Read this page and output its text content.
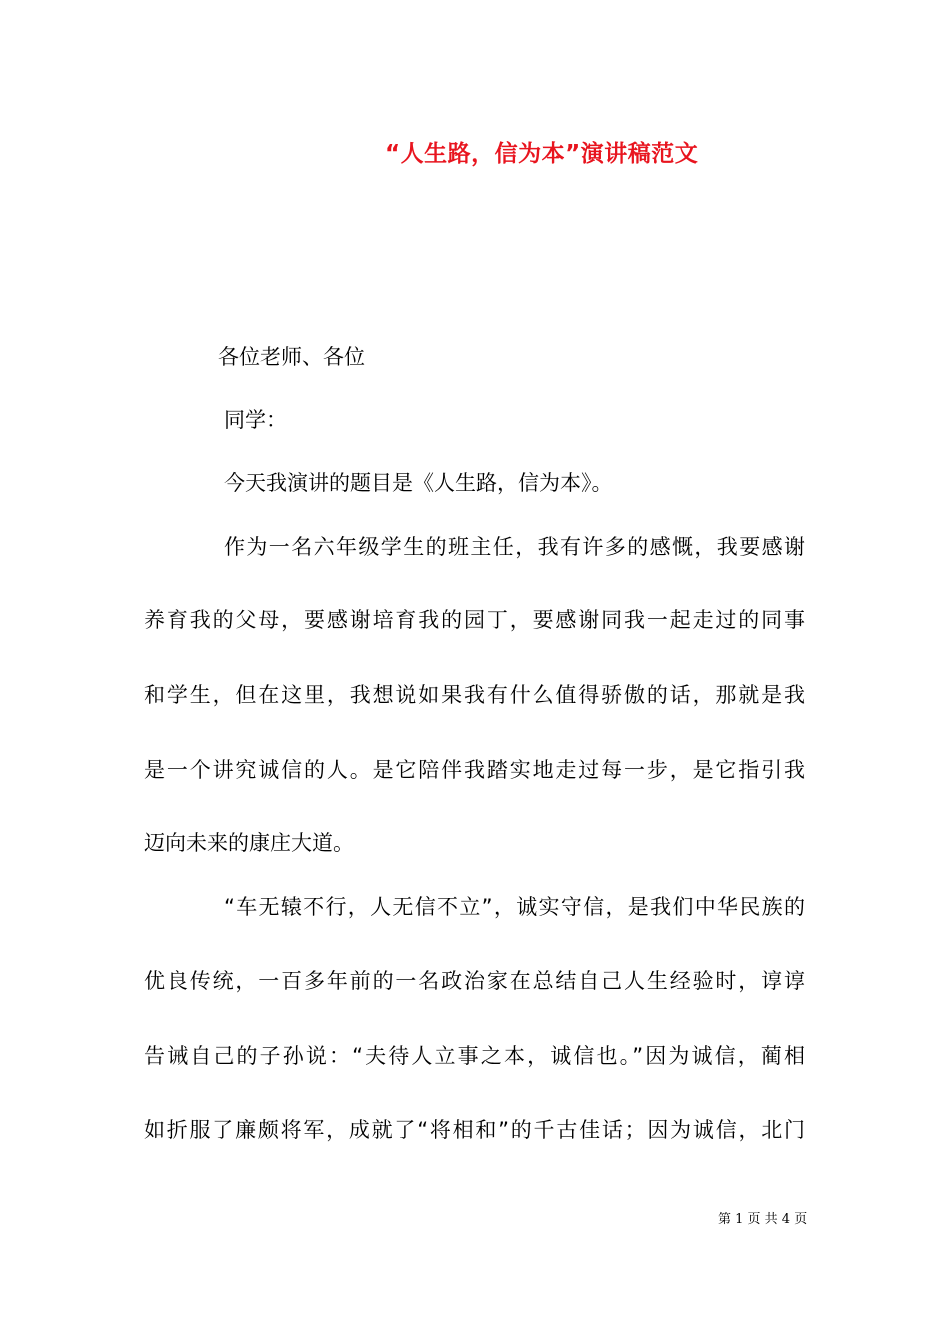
“人生路，信为本”演讲稿范文
各位老师、各位
同学：
今天我演讲的题目是《人生路，信为本》。
作为一名六年级学生的班主任，我有许多的感慨，我要感谢
养育我的父母，要感谢培育我的园丁，要感谢同我一起走过的同事
和学生，但在这里，我想说如果我有什么值得骄傲的话，那就是我
是一个讲究诚信的人。是它陪伴我踏实地走过每一步，是它指引我
迈向未来的康庄大道。
“车无辕不行，人无信不立”，诚实守信，是我们中华民族的
优良传统，一百多年前的一名政治家在总结自己人生经验时，谆谆
告诫自己的子孙说：“夫待人立事之本，诚信也。”因为诚信，蔺相
如折服了廉颇将军，成就了“将相和”的千古佳话；因为诚信，北门
第 1 页 共 4 页
